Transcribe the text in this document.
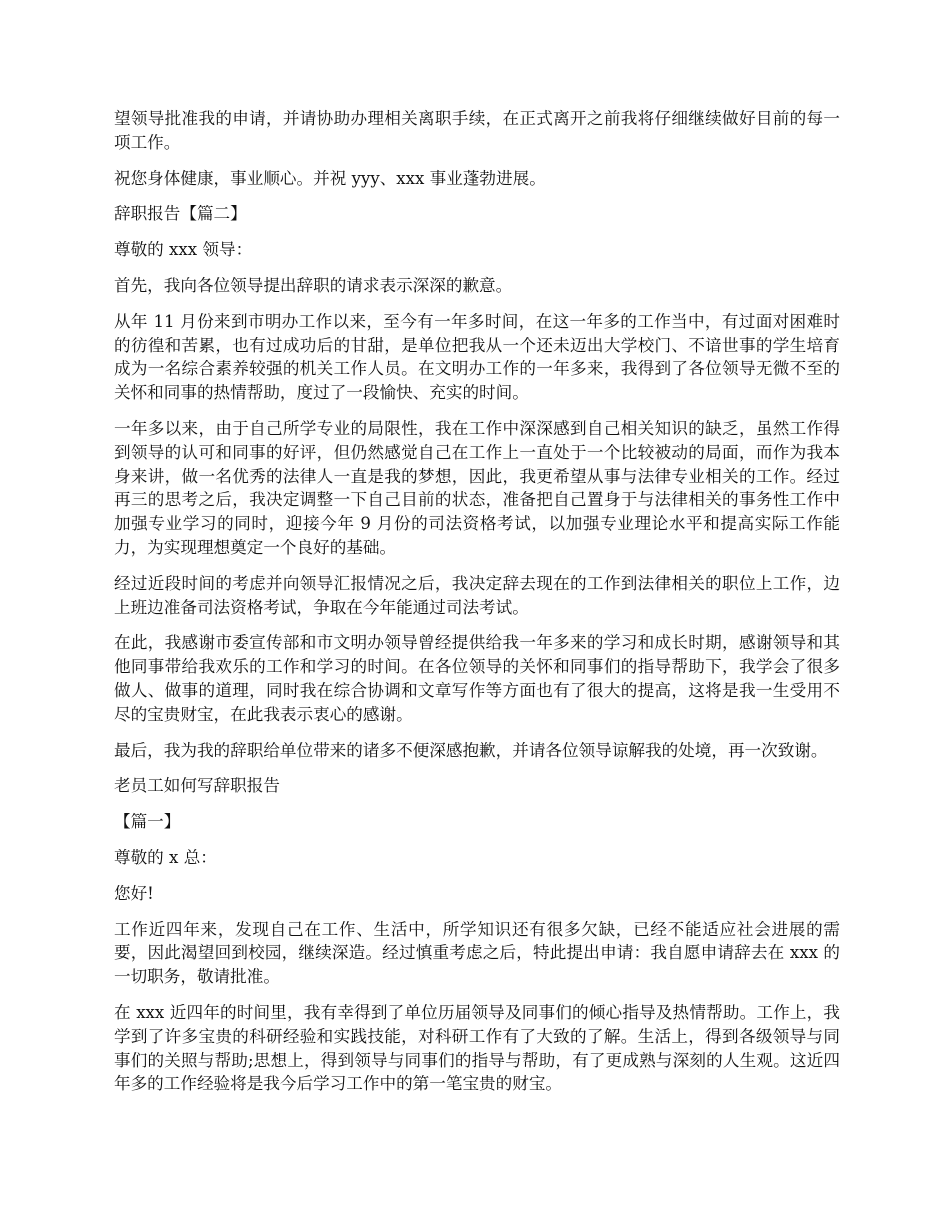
望领导批准我的申请，并请协助办理相关离职手续，在正式离开之前我将仔细继续做好目前的每一项工作。

祝您身体健康，事业顺心。并祝 yyy、xxx 事业蓬勃进展。

辞职报告【篇二】

尊敬的 xxx 领导：

首先，我向各位领导提出辞职的请求表示深深的歉意。

从年 11 月份来到市明办工作以来，至今有一年多时间，在这一年多的工作当中，有过面对困难时的彷徨和苦累，也有过成功后的甘甜，是单位把我从一个还未迈出大学校门、不谙世事的学生培育成为一名综合素养较强的机关工作人员。在文明办工作的一年多来，我得到了各位领导无微不至的关怀和同事的热情帮助，度过了一段愉快、充实的时间。

一年多以来，由于自己所学专业的局限性，我在工作中深深感到自己相关知识的缺乏，虽然工作得到领导的认可和同事的好评，但仍然感觉自己在工作上一直处于一个比较被动的局面，而作为我本身来讲，做一名优秀的法律人一直是我的梦想，因此，我更希望从事与法律专业相关的工作。经过再三的思考之后，我决定调整一下自己目前的状态，准备把自己置身于与法律相关的事务性工作中加强专业学习的同时，迎接今年 9 月份的司法资格考试，以加强专业理论水平和提高实际工作能力，为实现理想奠定一个良好的基础。

经过近段时间的考虑并向领导汇报情况之后，我决定辞去现在的工作到法律相关的职位上工作，边上班边准备司法资格考试，争取在今年能通过司法考试。

在此，我感谢市委宣传部和市文明办领导曾经提供给我一年多来的学习和成长时期，感谢领导和其他同事带给我欢乐的工作和学习的时间。在各位领导的关怀和同事们的指导帮助下，我学会了很多做人、做事的道理，同时我在综合协调和文章写作等方面也有了很大的提高，这将是我一生受用不尽的宝贵财宝，在此我表示衷心的感谢。

最后，我为我的辞职给单位带来的诸多不便深感抱歉，并请各位领导谅解我的处境，再一次致谢。

老员工如何写辞职报告

【篇一】

尊敬的 x 总：

您好!

工作近四年来，发现自己在工作、生活中，所学知识还有很多欠缺，已经不能适应社会进展的需要，因此渴望回到校园，继续深造。经过慎重考虑之后，特此提出申请：我自愿申请辞去在 xxx 的一切职务，敬请批准。

在 xxx 近四年的时间里，我有幸得到了单位历届领导及同事们的倾心指导及热情帮助。工作上，我学到了许多宝贵的科研经验和实践技能，对科研工作有了大致的了解。生活上，得到各级领导与同事们的关照与帮助;思想上，得到领导与同事们的指导与帮助，有了更成熟与深刻的人生观。这近四年多的工作经验将是我今后学习工作中的第一笔宝贵的财宝。
